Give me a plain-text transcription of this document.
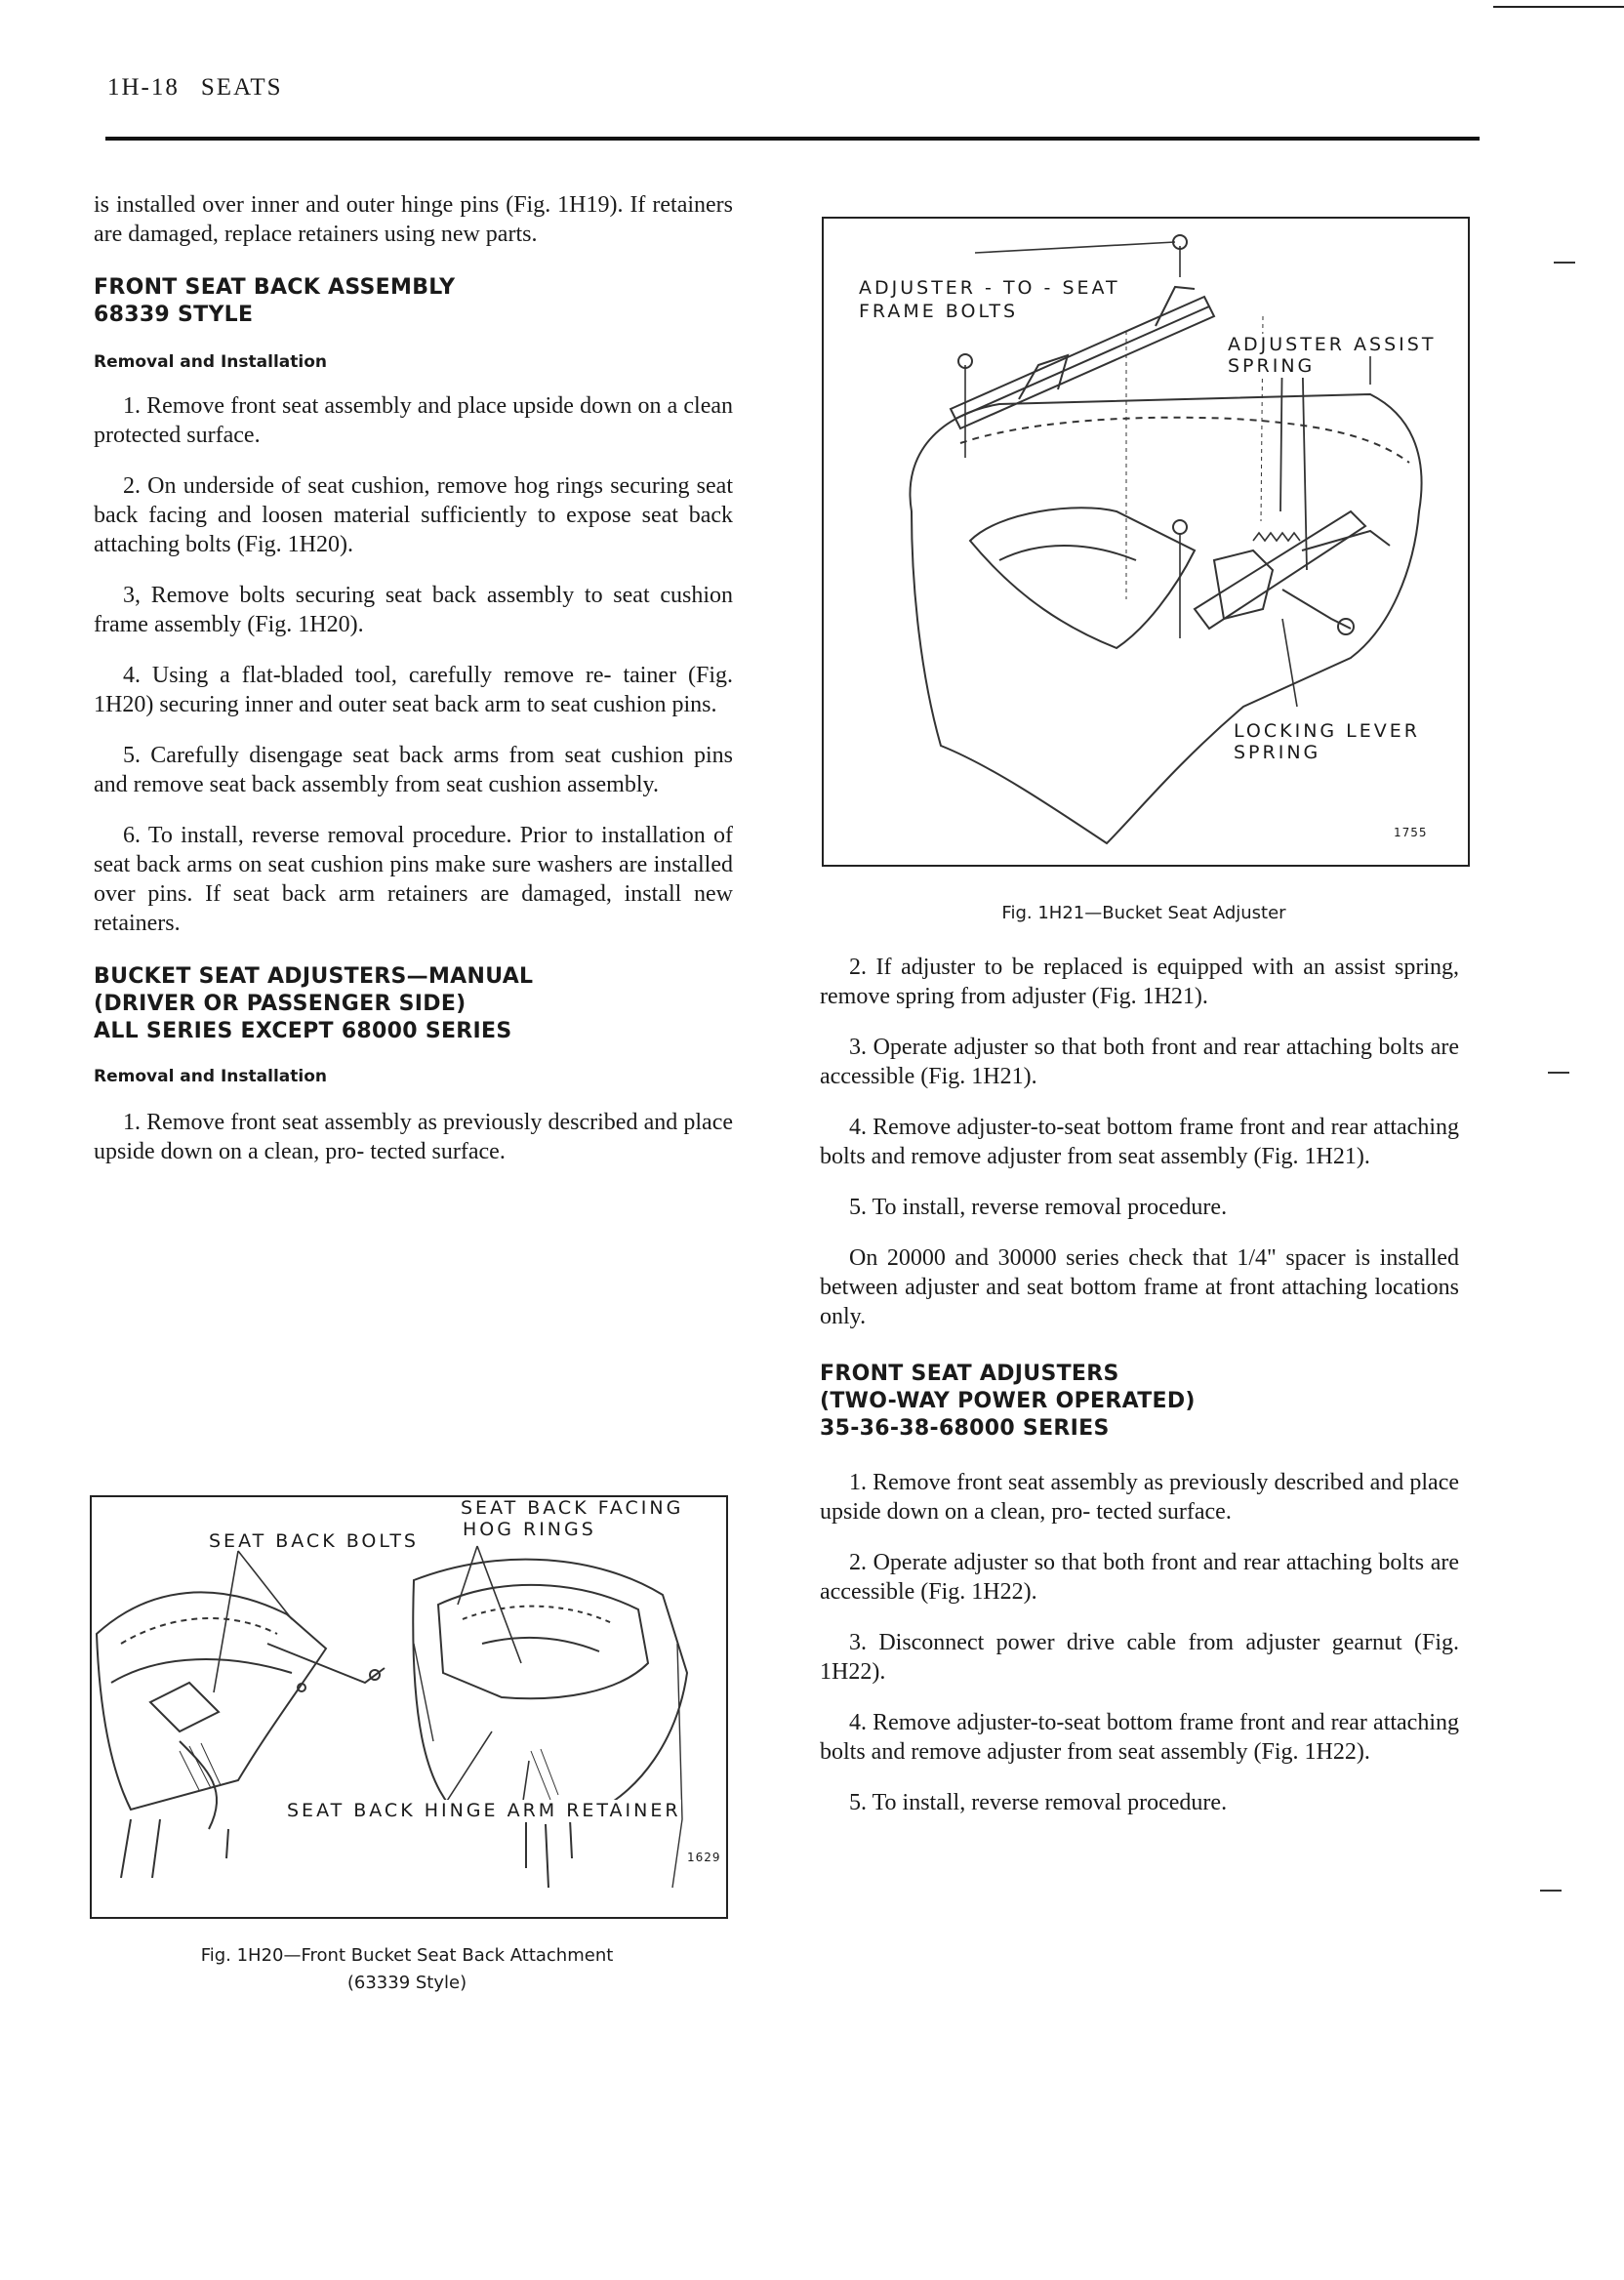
1H-18 SEATS

is installed over inner and outer hinge pins (Fig. 1H19). If retainers are damaged, replace retainers using new parts.

FRONT SEAT BACK ASSEMBLY
68339 STYLE
Removal and Installation

1. Remove front seat assembly and place upside down on a clean protected surface.

2. On underside of seat cushion, remove hog rings securing seat back facing and loosen material sufficiently to expose seat back attaching bolts (Fig. 1H20).

3, Remove bolts securing seat back assembly to seat cushion frame assembly (Fig. 1H20).

4. Using a flat-bladed tool, carefully remove re- tainer (Fig. 1H20) securing inner and outer seat back arm to seat cushion pins.

5. Carefully disengage seat back arms from seat cushion pins and remove seat back assembly from seat cushion assembly.

6. To install, reverse removal procedure. Prior to installation of seat back arms on seat cushion pins make sure washers are installed over pins. If seat back arm retainers are damaged, install new retainers.

BUCKET SEAT ADJUSTERS—MANUAL
(DRIVER OR PASSENGER SIDE)
ALL SERIES EXCEPT 68000 SERIES
Removal and Installation

1. Remove front seat assembly as previously described and place upside down on a clean, pro- tected surface.

SEAT BACK FACING
HOG RINGS
SEAT BACK BOLTS
SEAT BACK HINGE ARM RETAINER
1629
Fig. 1H20—Front Bucket Seat Back Attachment
(63339 Style)
ADJUSTER - TO - SEAT
FRAME BOLTS
ADJUSTER ASSIST
SPRING
LOCKING LEVER
SPRING
1755
Fig. 1H21—Bucket Seat Adjuster

2. If adjuster to be replaced is equipped with an assist spring, remove spring from adjuster (Fig. 1H21).

3. Operate adjuster so that both front and rear attaching bolts are accessible (Fig. 1H21).

4. Remove adjuster-to-seat bottom frame front and rear attaching bolts and remove adjuster from seat assembly (Fig. 1H21).

5. To install, reverse removal procedure.

On 20000 and 30000 series check that 1/4" spacer is installed between adjuster and seat bottom frame at front attaching locations only.

FRONT SEAT ADJUSTERS
(TWO-WAY POWER OPERATED)
35-36-38-68000 SERIES

1. Remove front seat assembly as previously described and place upside down on a clean, pro- tected surface.

2. Operate adjuster so that both front and rear attaching bolts are accessible (Fig. 1H22).

3. Disconnect power drive cable from adjuster gearnut (Fig. 1H22).

4. Remove adjuster-to-seat bottom frame front and rear attaching bolts and remove adjuster from seat assembly (Fig. 1H22).

5. To install, reverse removal procedure.
